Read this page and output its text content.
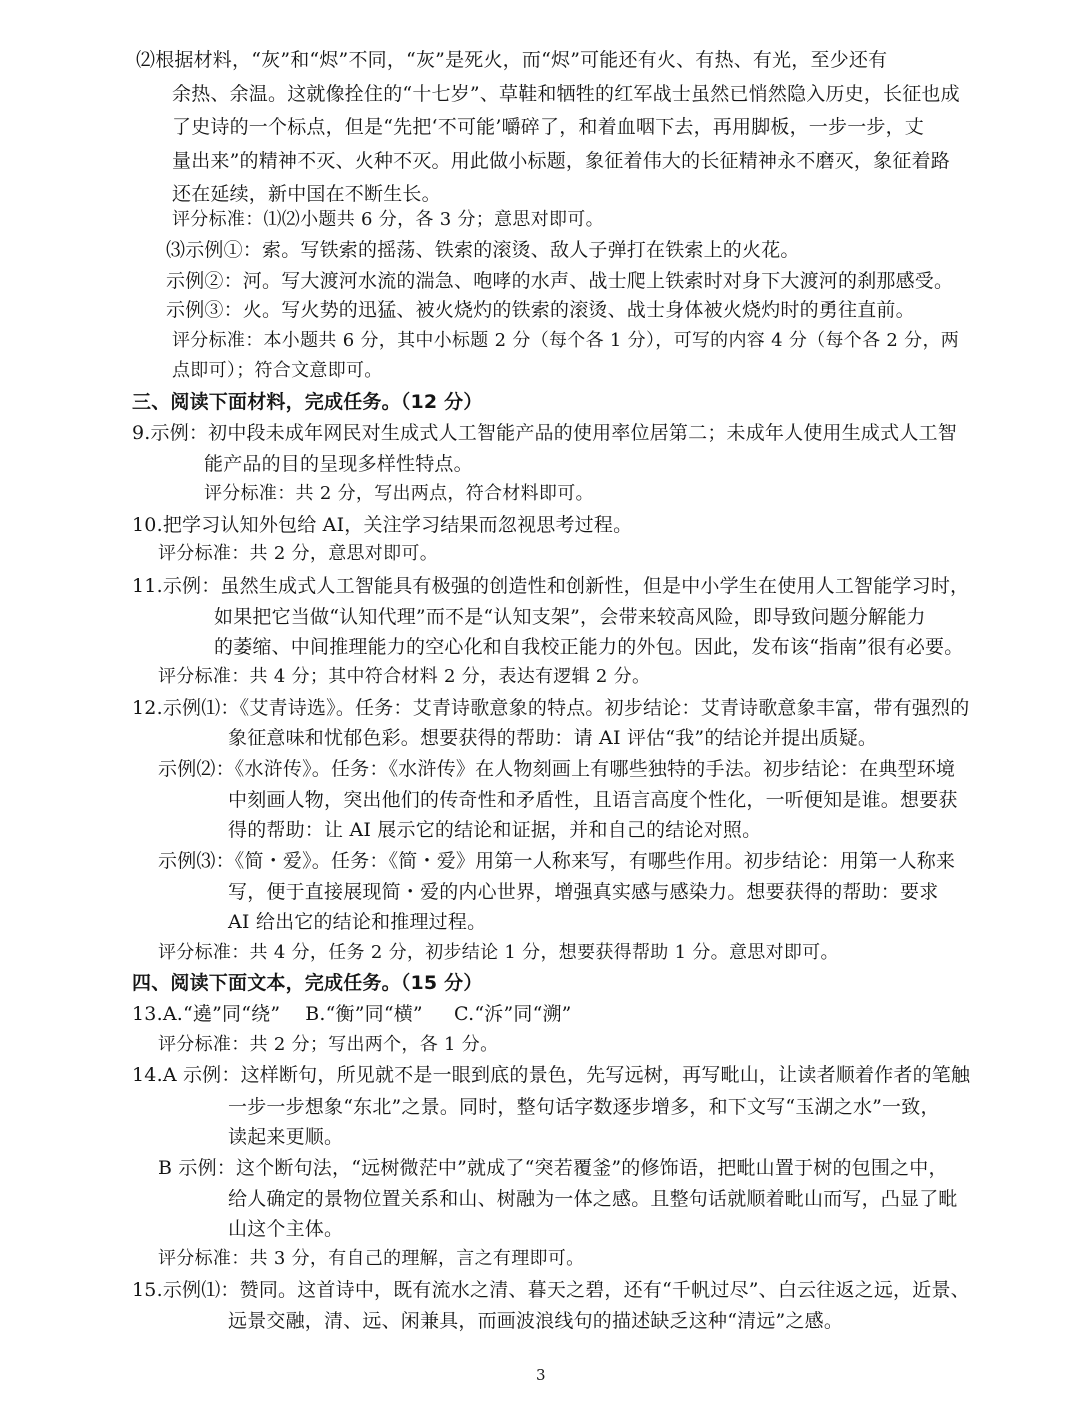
⑵根据材料，“灰”和“烬”不同，“灰”是死火，而“烬”可能还有火、有热、有光，至少还有
余热、余温。这就像拴住的“十七岁”、草鞋和牺牲的红军战士虽然已悄然隐入历史，长征也成
了史诗的一个标点，但是“先把‘不可能’嚼碎了，和着血咽下去，再用脚板，一步一步，丈
量出来”的精神不灭、火种不灭。用此做小标题，象征着伟大的长征精神永不磨灭，象征着路
还在延续，新中国在不断生长。
评分标准：⑴⑵小题共 6 分，各 3 分；意思对即可。
⑶示例①：索。写铁索的摇荡、铁索的滚烫、敌人子弹打在铁索上的火花。
示例②：河。写大渡河水流的湍急、咆哮的水声、战士爬上铁索时对身下大渡河的刹那感受。
示例③：火。写火势的迅猛、被火烧灼的铁索的滚烫、战士身体被火烧灼时的勇往直前。
评分标准：本小题共 6 分，其中小标题 2 分（每个各 1 分），可写的内容 4 分（每个各 2 分，两
点即可）；符合文意即可。
三、阅读下面材料，完成任务。（12 分）
9.示例：初中段未成年网民对生成式人工智能产品的使用率位居第二；未成年人使用生成式人工智
能产品的目的呈现多样性特点。
评分标准：共 2 分，写出两点，符合材料即可。
10.把学习认知外包给 AI，关注学习结果而忽视思考过程。
评分标准：共 2 分，意思对即可。
11.示例：虽然生成式人工智能具有极强的创造性和创新性，但是中小学生在使用人工智能学习时，
如果把它当做“认知代理”而不是“认知支架”，会带来较高风险，即导致问题分解能力
的萎缩、中间推理能力的空心化和自我校正能力的外包。因此，发布该“指南”很有必要。
评分标准：共 4 分；其中符合材料 2 分，表达有逻辑 2 分。
12.示例⑴：《艾青诗选》。任务：艾青诗歌意象的特点。初步结论：艾青诗歌意象丰富，带有强烈的
象征意味和忧郁色彩。想要获得的帮助：请 AI 评估“我”的结论并提出质疑。
示例⑵：《水浒传》。任务：《水浒传》在人物刻画上有哪些独特的手法。初步结论：在典型环境
中刻画人物，突出他们的传奇性和矛盾性，且语言高度个性化，一听便知是谁。想要获
得的帮助：让 AI 展示它的结论和证据，并和自己的结论对照。
示例⑶：《简・爱》。任务：《简・爱》用第一人称来写，有哪些作用。初步结论：用第一人称来
写，便于直接展现简・爱的内心世界，增强真实感与感染力。想要获得的帮助：要求
AI 给出它的结论和推理过程。
评分标准：共 4 分，任务 2 分，初步结论 1 分，想要获得帮助 1 分。意思对即可。
四、阅读下面文本，完成任务。（15 分）
13.A.“遶”同“绕”    B.“衡”同“横”     C.“泝”同“溯”
评分标准：共 2 分；写出两个，各 1 分。
14.A 示例：这样断句，所见就不是一眼到底的景色，先写远树，再写毗山，让读者顺着作者的笔触
一步一步想象“东北”之景。同时，整句话字数逐步增多，和下文写“玉湖之水”一致，
读起来更顺。
B 示例：这个断句法，“远树微茫中”就成了“突若覆釜”的修饰语，把毗山置于树的包围之中，
给人确定的景物位置关系和山、树融为一体之感。且整句话就顺着毗山而写，凸显了毗
山这个主体。
评分标准：共 3 分，有自己的理解，言之有理即可。
15.示例⑴：赞同。这首诗中，既有流水之清、暮天之碧，还有“千帆过尽”、白云往返之远，近景、
远景交融，清、远、闲兼具，而画波浪线句的描述缺乏这种“清远”之感。
3
